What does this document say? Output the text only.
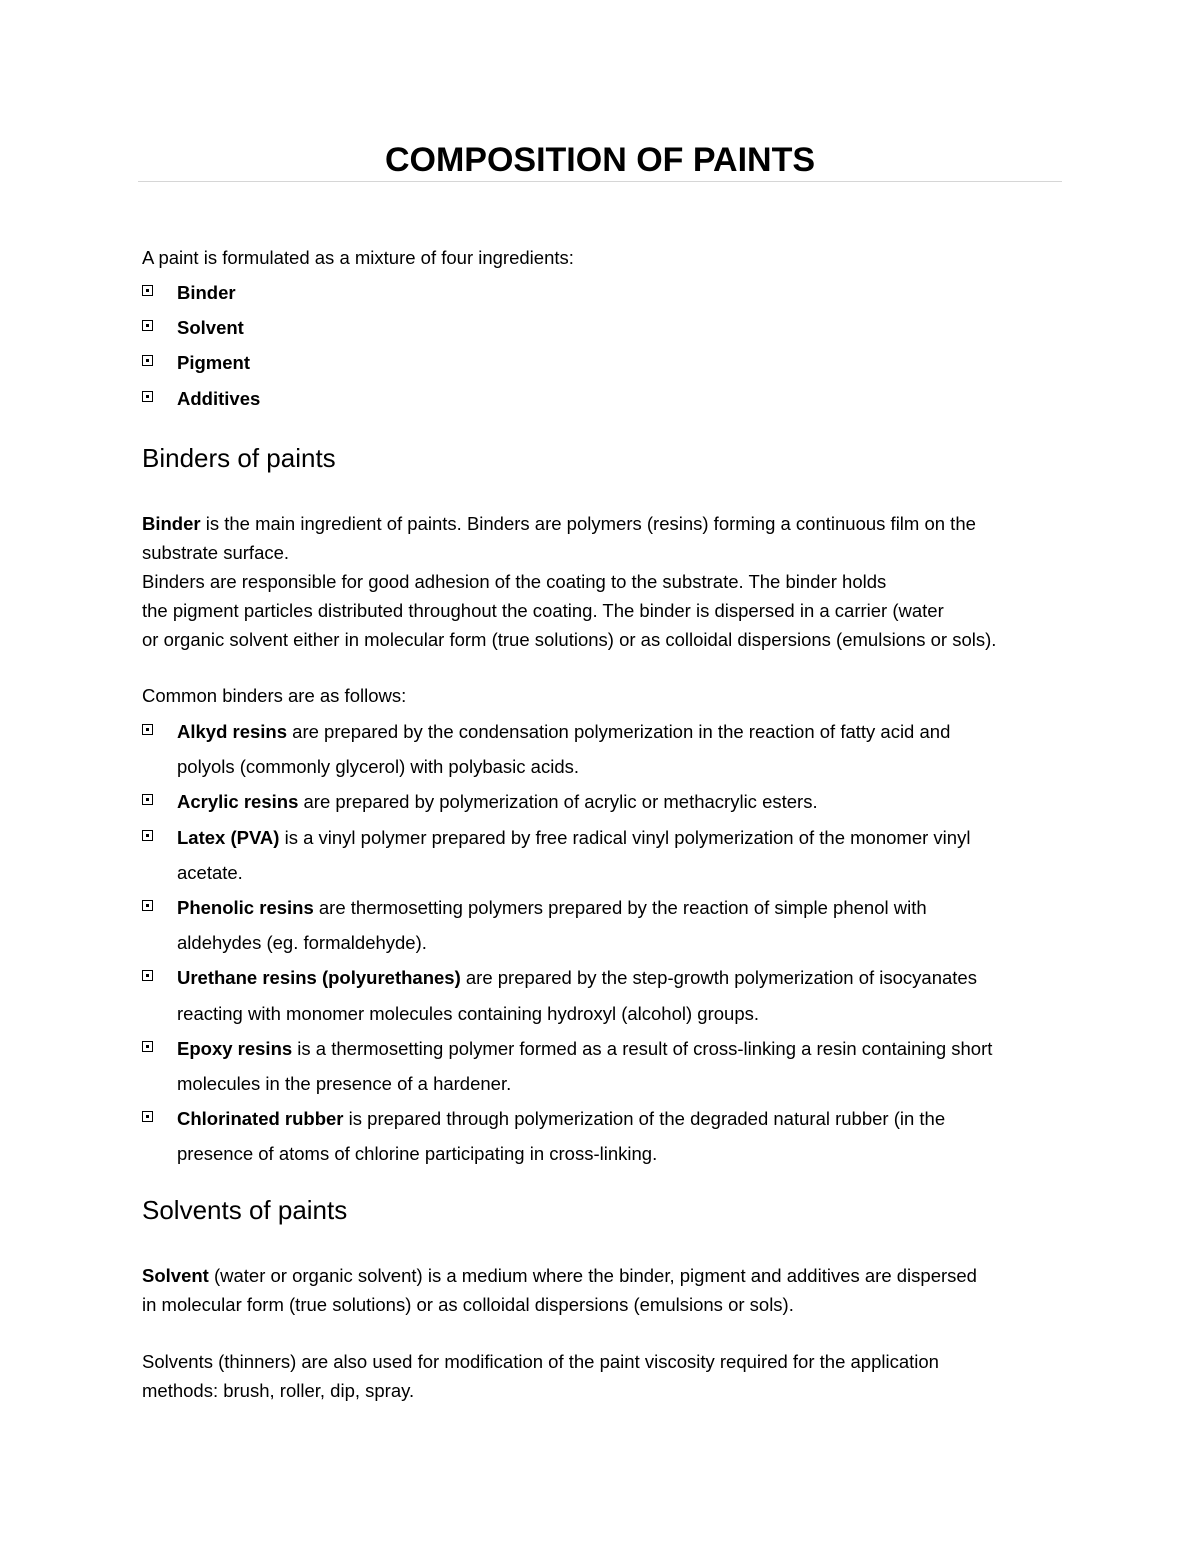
COMPOSITION OF PAINTS

A paint is formulated as a mixture of four ingredients:

Binder
Solvent
Pigment
Additives
Binders of paints
Binder is the main ingredient of paints. Binders are polymers (resins) forming a continuous film on the
substrate surface.
Binders are responsible for good adhesion of the coating to the substrate. The binder holds
the pigment particles distributed throughout the coating. The binder is dispersed in a carrier (water
or organic solvent either in molecular form (true solutions) or as colloidal dispersions (emulsions or sols).

Common binders are as follows:

Alkyd resins are prepared by the condensation polymerization in the reaction of fatty acid and
polyols (commonly glycerol) with polybasic acids.
Acrylic resins are prepared by polymerization of acrylic or methacrylic esters.
Latex (PVA) is a vinyl polymer prepared by free radical vinyl polymerization of the monomer vinyl
acetate.
Phenolic resins are thermosetting polymers prepared by the reaction of simple phenol with
aldehydes (eg. formaldehyde).
Urethane resins (polyurethanes) are prepared by the step-growth polymerization of isocyanates
reacting with monomer molecules containing hydroxyl (alcohol) groups.
Epoxy resins is a thermosetting polymer formed as a result of cross-linking a resin containing short
molecules in the presence of a hardener.
Chlorinated rubber is prepared through polymerization of the degraded natural rubber (in the
presence of atoms of chlorine participating in cross-linking.
Solvents of paints
Solvent (water or organic solvent) is a medium where the binder, pigment and additives are dispersed
in molecular form (true solutions) or as colloidal dispersions (emulsions or sols).
Solvents (thinners) are also used for modification of the paint viscosity required for the application
methods: brush, roller, dip, spray.
